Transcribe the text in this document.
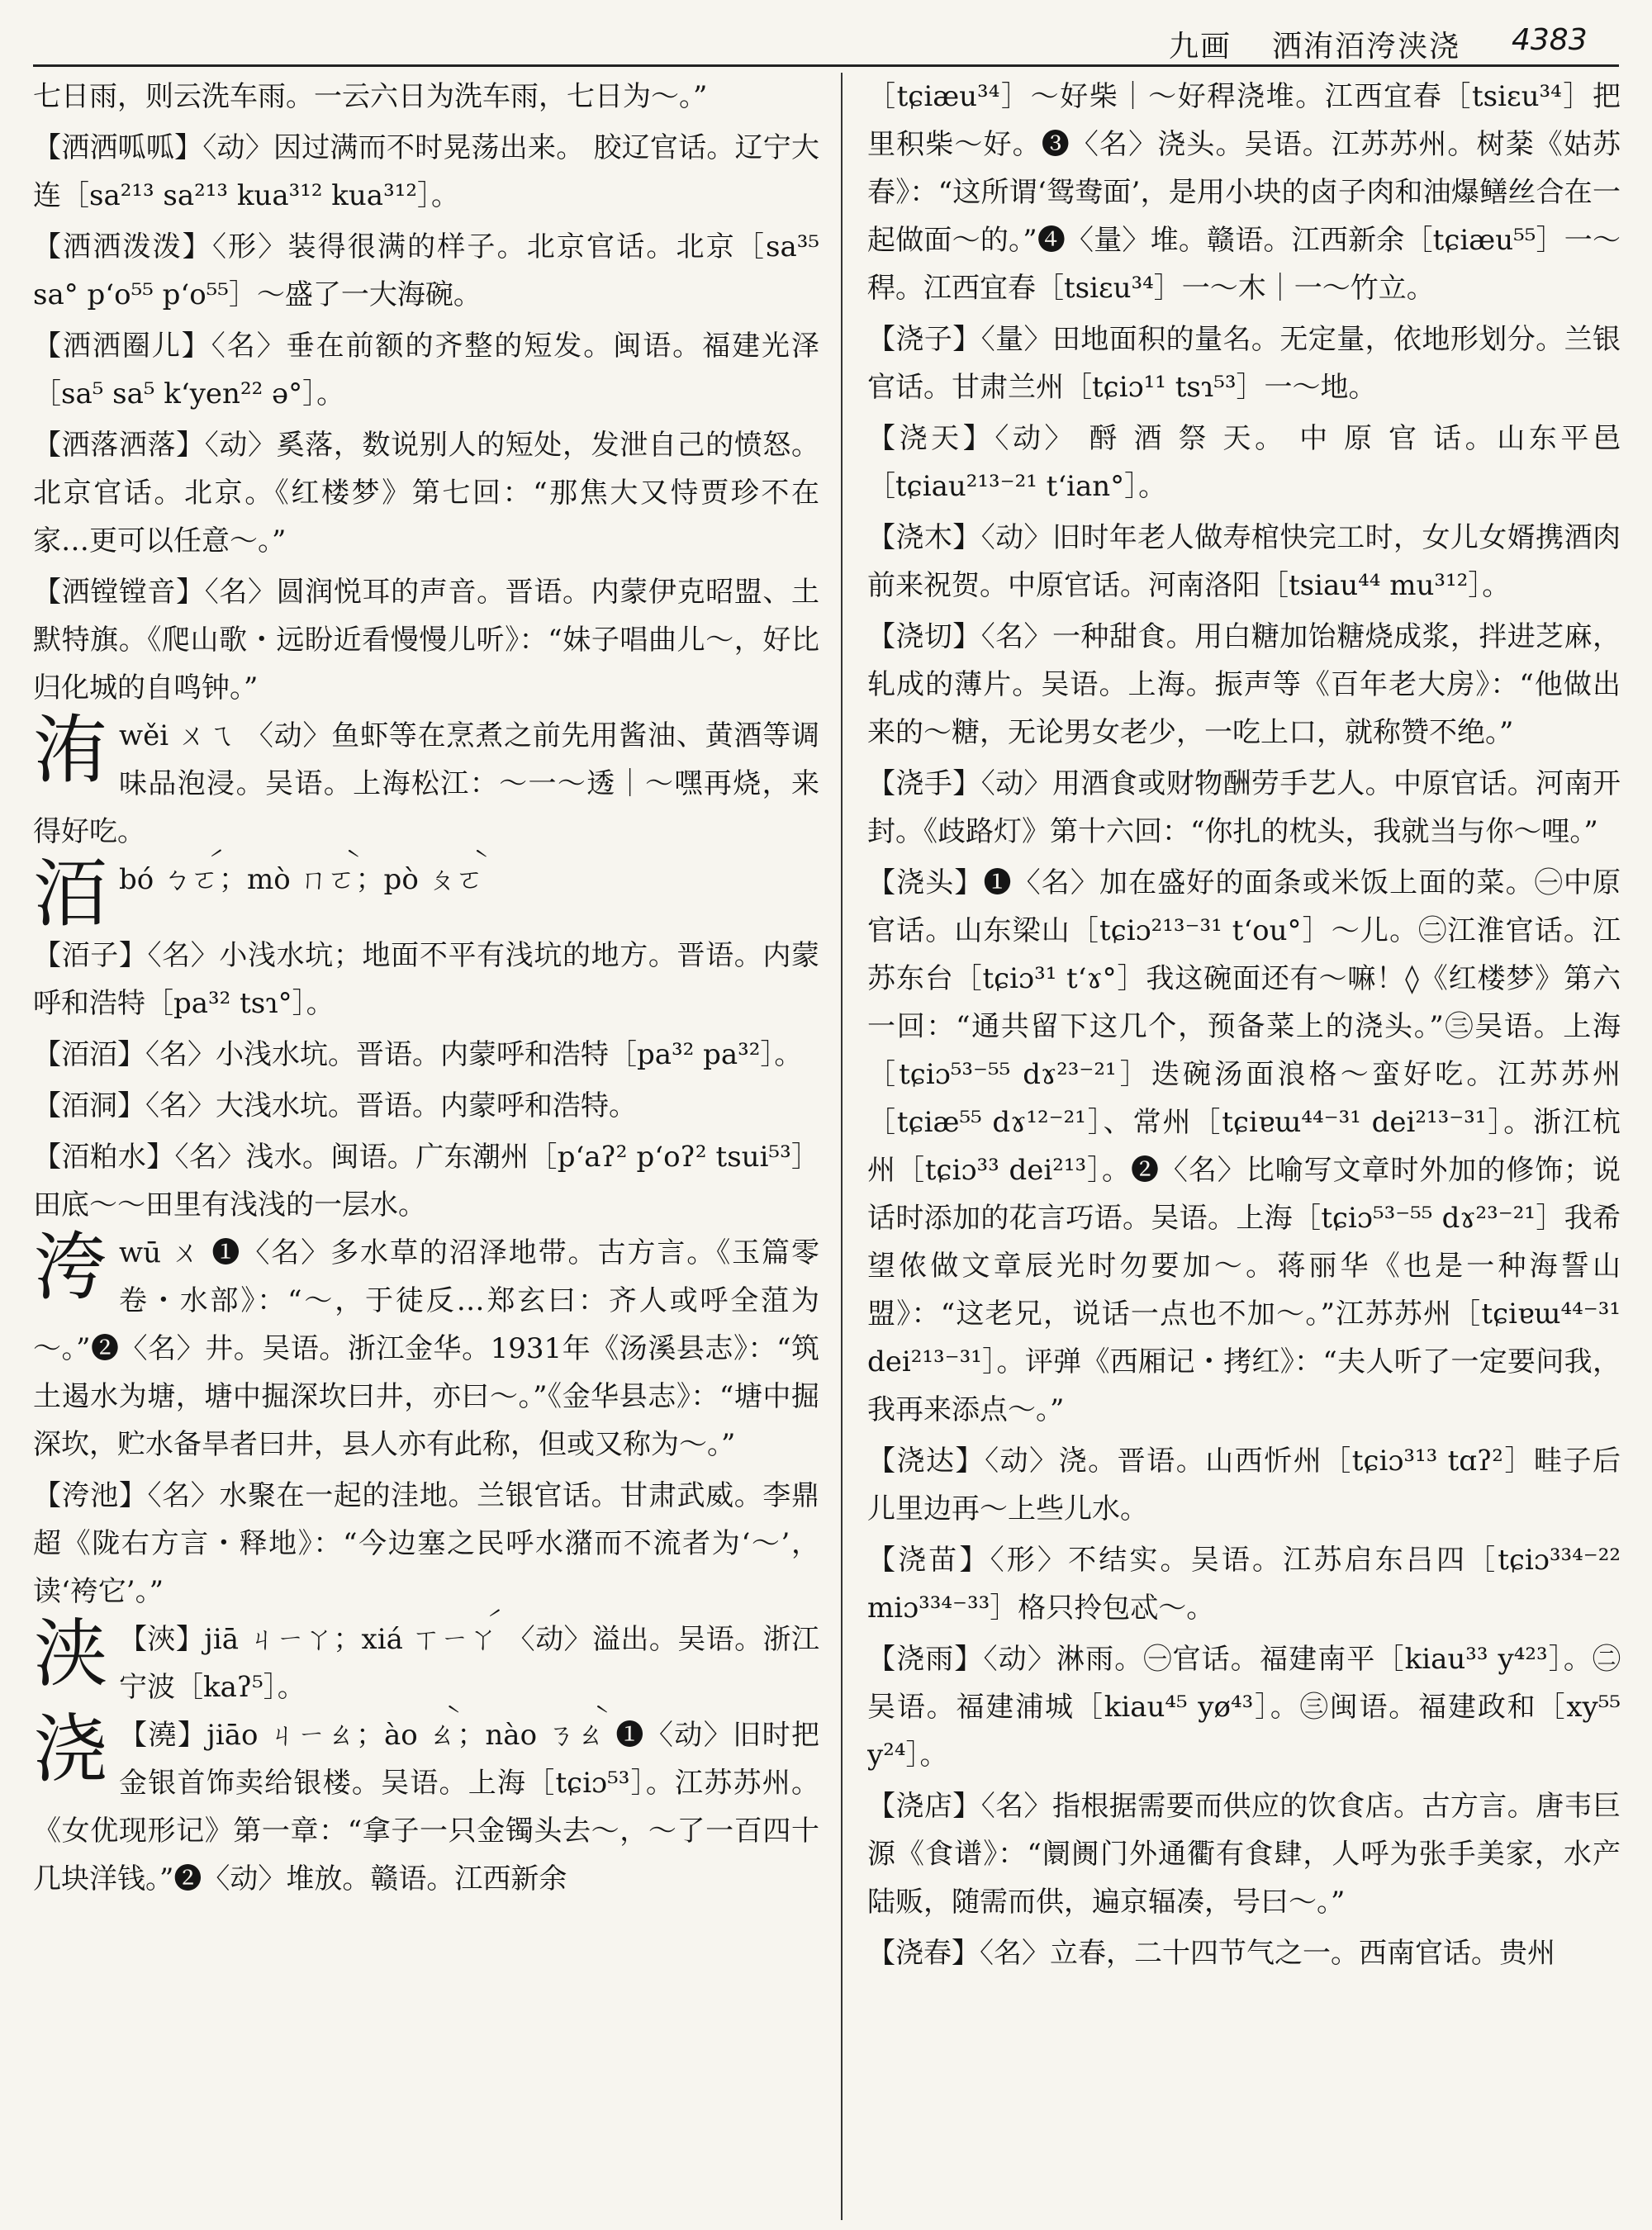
九画 洒洧洦洿浃浇 4383

七日雨，则云洗车雨。一云六日为洗车雨，七日为～。”

【洒洒呱呱】〈动〉因过满而不时晃荡出来。 胶辽官话。辽宁大连［sa²¹³ sa²¹³ kua³¹² kua³¹²］。

【洒洒泼泼】〈形〉装得很满的样子。北京官话。北京［sa³⁵ sa° p‘o⁵⁵ p‘o⁵⁵］～盛了一大海碗。

【洒洒圈儿】〈名〉垂在前额的齐整的短发。闽语。福建光泽［sa⁵ sa⁵ k‘yen²² ə°］。

【洒落洒落】〈动〉奚落，数说别人的短处，发泄自己的愤怒。北京官话。北京。《红楼梦》第七回：“那焦大又恃贾珍不在家…更可以任意～。”

【洒镗镗音】〈名〉圆润悦耳的声音。晋语。内蒙伊克昭盟、土默特旗。《爬山歌・远盼近看慢慢儿听》：“妹子唱曲儿～，好比归化城的自鸣钟。”

洧 wěi ㄨㄟ 〈动〉鱼虾等在烹煮之前先用酱油、黄酒等调味品泡浸。吴语。上海松江：～一～透｜～嘿再烧，来得好吃。
洦 bó ㄅㄛ́；mò ㄇㄛ̀；pò ㄆㄛ̀

【洦子】〈名〉小浅水坑；地面不平有浅坑的地方。晋语。内蒙呼和浩特［pa³² tsɿ°］。

【洦洦】〈名〉小浅水坑。晋语。内蒙呼和浩特［pa³² pa³²］。

【洦洞】〈名〉大浅水坑。晋语。内蒙呼和浩特。

【洦粕水】〈名〉浅水。闽语。广东潮州［p‘aʔ² p‘oʔ² tsui⁵³］田底～～田里有浅浅的一层水。

洿 wū ㄨ ❶〈名〉多水草的沼泽地带。古方言。《玉篇零卷・水部》：“～，于徒反…郑玄曰：齐人或呼全菹为～。”❷〈名〉井。吴语。浙江金华。1931年《汤溪县志》：“筑土遏水为塘，塘中掘深坎曰井，亦曰～。”《金华县志》：“塘中掘深坎，贮水备旱者曰井，县人亦有此称，但或又称为～。”

【洿池】〈名〉水聚在一起的洼地。兰银官话。甘肃武威。李鼎超《陇右方言・释地》：“今边塞之民呼水潴而不流者为‘～’，读‘袴它’。”

浃 【浹】jiā ㄐㄧㄚ；xiá ㄒㄧㄚ́ 〈动〉溢出。吴语。浙江宁波［kaʔ⁵］。
浇 【澆】jiāo ㄐㄧㄠ；ào ㄠ̀；nào ㄋㄠ̀ ❶〈动〉旧时把金银首饰卖给银楼。吴语。上海［tɕiɔ⁵³］。江苏苏州。《女优现形记》第一章：“拿子一只金镯头去～，～了一百四十几块洋钱。”❷〈动〉堆放。赣语。江西新余

［tɕiæu³⁴］～好柴｜～好稈浇堆。江西宜春［tsiɛu³⁴］把里积柴～好。❸〈名〉浇头。吴语。江苏苏州。树棻《姑苏春》：“这所谓‘鸳鸯面’，是用小块的卤子肉和油爆鳝丝合在一起做面～的。”❹〈量〉堆。赣语。江西新余［tɕiæu⁵⁵］一～稈。江西宜春［tsiɛu³⁴］一～木｜一～竹立。

【浇子】〈量〉田地面积的量名。无定量，依地形划分。兰银官话。甘肃兰州［tɕiɔ¹¹ tsɿ⁵³］一～地。

【浇天】〈动〉 酹 酒 祭 天。 中 原 官 话。山东平邑［tɕiau²¹³⁻²¹ t‘ian°］。

【浇木】〈动〉旧时年老人做寿棺快完工时，女儿女婿携酒肉前来祝贺。中原官话。河南洛阳［tsiau⁴⁴ mu³¹²］。

【浇切】〈名〉一种甜食。用白糖加饴糖烧成浆，拌进芝麻，轧成的薄片。吴语。上海。振声等《百年老大房》：“他做出来的～糖，无论男女老少，一吃上口，就称赞不绝。”

【浇手】〈动〉用酒食或财物酬劳手艺人。中原官话。河南开封。《歧路灯》第十六回：“你扎的枕头，我就当与你～哩。”

【浇头】❶〈名〉加在盛好的面条或米饭上面的菜。㊀中原官话。山东梁山［tɕiɔ²¹³⁻³¹ t‘ou°］～儿。㊁江淮官话。江苏东台［tɕiɔ³¹ t‘ɤ°］我这碗面还有～嘛！◊《红楼梦》第六一回：“通共留下这几个，预备菜上的浇头。”㊂吴语。上海［tɕiɔ⁵³⁻⁵⁵ dɤ²³⁻²¹］迭碗汤面浪格～蛮好吃。江苏苏州［tɕiæ⁵⁵ dɤ¹²⁻²¹］、常州［tɕiɐɯ⁴⁴⁻³¹ dei²¹³⁻³¹］。浙江杭州［tɕiɔ³³ dei²¹³］。❷〈名〉比喻写文章时外加的修饰；说话时添加的花言巧语。吴语。上海［tɕiɔ⁵³⁻⁵⁵ dɤ²³⁻²¹］我希望侬做文章辰光时勿要加～。蒋丽华《也是一种海誓山盟》：“这老兄，说话一点也不加～。”江苏苏州［tɕiɐɯ⁴⁴⁻³¹ dei²¹³⁻³¹］。评弹《西厢记・拷红》：“夫人听了一定要问我，我再来添点～。”

【浇达】〈动〉浇。晋语。山西忻州［tɕiɔ³¹³ tɑʔ²］畦子后儿里边再～上些儿水。

【浇苗】〈形〉不结实。吴语。江苏启东吕四［tɕiɔ³³⁴⁻²² miɔ³³⁴⁻³³］格只拎包忒～。

【浇雨】〈动〉淋雨。㊀官话。福建南平［kiau³³ y⁴²³］。㊁吴语。福建浦城［kiau⁴⁵ yø⁴³］。㊂闽语。福建政和［xy⁵⁵ y²⁴］。

【浇店】〈名〉指根据需要而供应的饮食店。古方言。唐韦巨源《食谱》：“阛阓门外通衢有食肆，人呼为张手美家，水产陆贩，随需而供，遍京辐凑，号曰～。”

【浇春】〈名〉立春，二十四节气之一。西南官话。贵州
